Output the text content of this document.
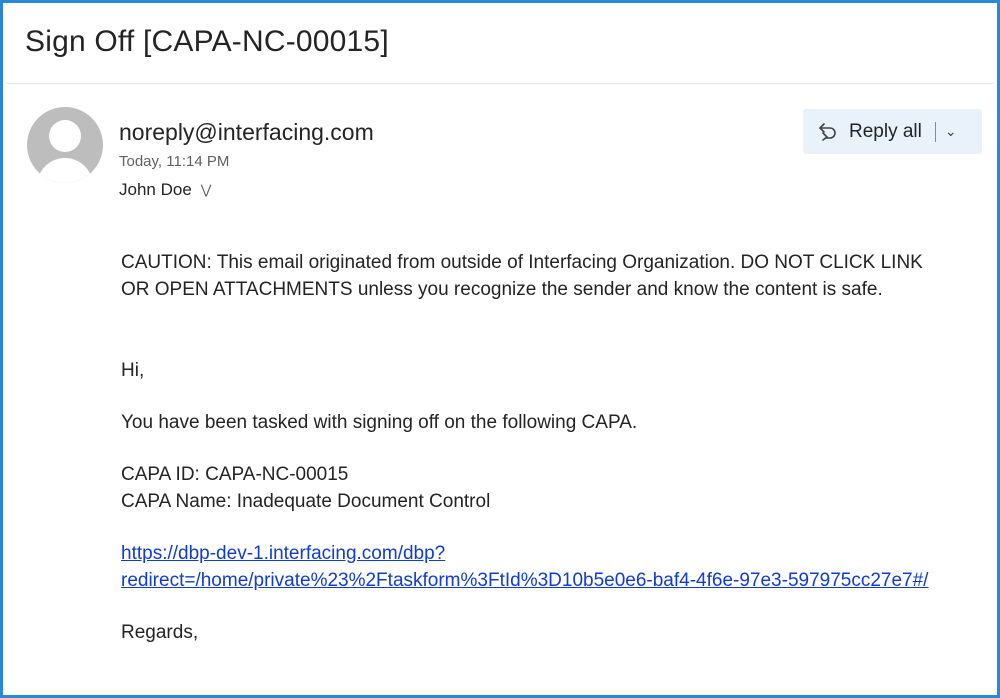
Sign Off [CAPA-NC-00015]
noreply@interfacing.com
Today, 11:14 PM
John Doe ⋁
Reply all ⌄

CAUTION: This email originated from outside of Interfacing Organization. DO NOT CLICK LINK

OR OPEN ATTACHMENTS unless you recognize the sender and know the content is safe.

Hi,

You have been tasked with signing off on the following CAPA.

CAPA ID: CAPA-NC-00015

CAPA Name: Inadequate Document Control

https://dbp-dev-1.interfacing.com/dbp?

redirect=/home/private%23%2Ftaskform%3FtId%3D10b5e0e6-baf4-4f6e-97e3-597975cc27e7#/

Regards,
